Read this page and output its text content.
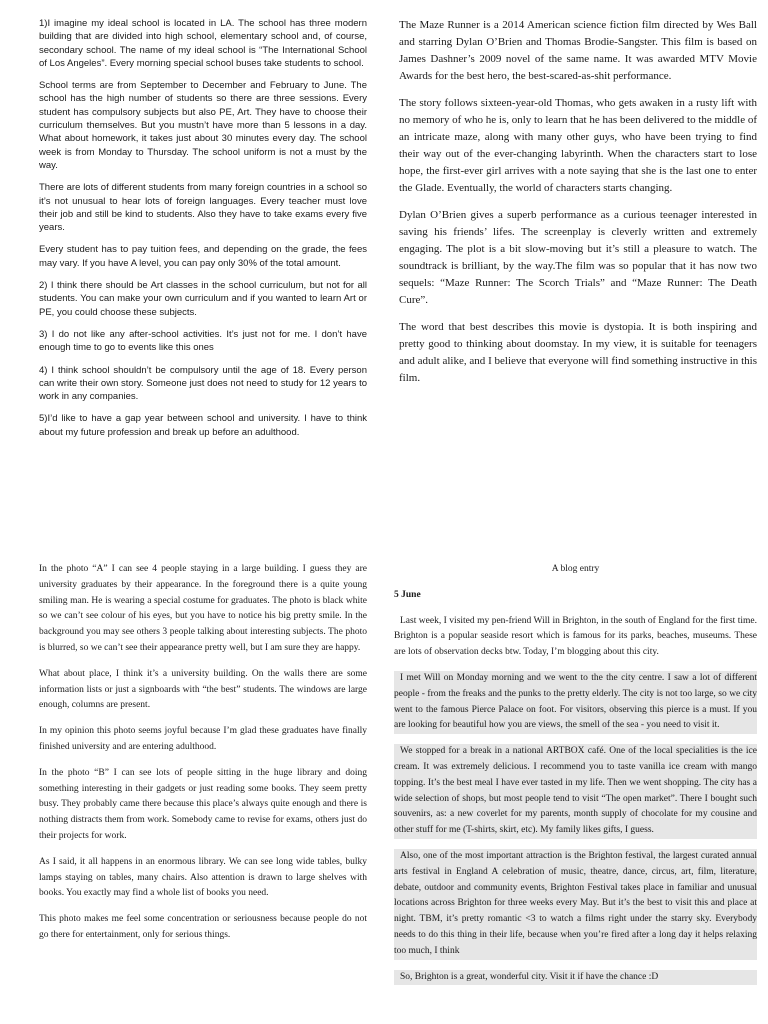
1)I imagine my ideal school is located in LA. The school has three modern building that are divided into high school, elementary school and, of course, secondary school. The name of my ideal school is “The International School of Los Angeles”. Every morning special school buses take students to school.

School terms are from September to December and February to June. The school has the high number of students so there are three sessions. Every student has compulsory subjects but also PE, Art. They have to choose their curriculum themselves. But you mustn’t have more than 5 lessons in a day. What about homework, it takes just about 30 minutes every day. The school week is from Monday to Thursday. The school uniform is not a must by the way.

There are lots of different students from many foreign countries in a school so it’s not unusual to hear lots of foreign languages. Every teacher must love their job and still be kind to students. Also they have to take exams every five years.

Every student has to pay tuition fees, and depending on the grade, the fees may vary. If you have A level, you can pay only 30% of the total amount.

2) I think there should be Art classes in the school curriculum, but not for all students. You can make your own curriculum and if you wanted to learn Art or PE, you could choose these subjects.

3) I do not like any after-school activities. It’s just not for me. I don’t have enough time to go to events like this ones

4) I think school shouldn’t be compulsory until the age of 18. Every person can write their own story. Someone just does not need to study for 12 years to work in any companies.

5)I’d like to have a gap year between school and university. I have to think about my future profession and break up before an adulthood.

The Maze Runner is a 2014 American science fiction film directed by Wes Ball and starring Dylan O’Brien and Thomas Brodie-Sangster. This film is based on James Dashner’s 2009 novel of the same name. It was awarded MTV Movie Awards for the best hero, the best-scared-as-shit performance.

The story follows sixteen-year-old Thomas, who gets awaken in a rusty lift with no memory of who he is, only to learn that he has been delivered to the middle of an intricate maze, along with many other guys, who have been trying to find their way out of the ever-changing labyrinth. When the characters start to lose hope, the first-ever girl arrives with a note saying that she is the last one to enter the Glade. Eventually, the world of characters starts changing.

Dylan O’Brien gives a superb performance as a curious teenager interested in saving his friends’ lifes. The screenplay is cleverly written and extremely engaging. The plot is a bit slow-moving but it’s still a pleasure to watch. The soundtrack is brilliant, by the way.The film was so popular that it has now two sequels: “Maze Runner: The Scorch Trials” and “Maze Runner: The Death Cure”.

The word that best describes this movie is dystopia. It is both inspiring and pretty good to thinking about doomstay. In my view, it is suitable for teenagers and adult alike, and I believe that everyone will find something instructive in this film.

In the photo “A” I can see 4 people staying in a large building. I guess they are university graduates by their appearance. In the foreground there is a quite young smiling man. He is wearing a special costume for graduates. The photo is black white so we can’t see colour of his eyes, but you have to notice his big pretty smile. In the background you may see others 3 people talking about interesting subjects. The photo is blurred, so we can’t see their appearance pretty well, but I am sure they are happy.

What about place, I think it’s a university building. On the walls there are some information lists or just a signboards with “the best” students. The windows are large enough, columns are present.

In my opinion this photo seems joyful because I’m glad these graduates have finally finished university and are entering adulthood.

In the photo “B” I can see lots of people sitting in the huge library and doing something interesting in their gadgets or just reading some books. They seem pretty busy. They probably came there because this place’s always quite enough and there is nothing distracts them from work. Somebody came to revise for exams, others just do their projects for work.

As I said, it all happens in an enormous library. We can see long wide tables, bulky lamps staying on tables, many chairs. Also attention is drawn to large shelves with books. You exactly may find a whole list of books you need.

This photo makes me feel some concentration or seriousness because people do not go there for entertainment, only for serious things.

A blog entry

5 June

Last week, I visited my pen-friend Will in Brighton, in the south of England for the first time. Brighton is a popular seaside resort which is famous for its parks, beaches, museums. These are lots of observation decks btw. Today, I’m blogging about this city.

I met Will on Monday morning and we went to the the city centre. I saw a lot of different people - from the freaks and the punks to the pretty elderly. The city is not too large, so we city went to the famous Pierce Palace on foot. For visitors, observing this pierce is a must. If you are looking for beautiful how you are views, the smell of the sea - you need to visit it.

We stopped for a break in a national ARTBOX café. One of the local specialities is the ice cream. It was extremely delicious. I recommend you to taste vanilla ice cream with mango topping. It’s the best meal I have ever tasted in my life. Then we went shopping. The city has a wide selection of shops, but most people tend to visit “The open market”. There I bought such souvenirs, as: a new coverlet for my parents, month supply of chocolate for my cousine and other stuff for me (T-shirts, skirt, etc). My family likes gifts, I guess.

Also, one of the most important attraction is the Brighton festival, the largest curated annual arts festival in England A celebration of music, theatre, dance, circus, art, film, literature, debate, outdoor and community events, Brighton Festival takes place in familiar and unusual locations across Brighton for three weeks every May. But it’s the best to visit this and place at night. TBM, it’s pretty romantic <3 to watch a films right under the starry sky. Everybody needs to do this thing in their life, because when you’re fired after a long day it helps relaxing too much, I think

So, Brighton is a great, wonderful city. Visit it if have the chance :D
